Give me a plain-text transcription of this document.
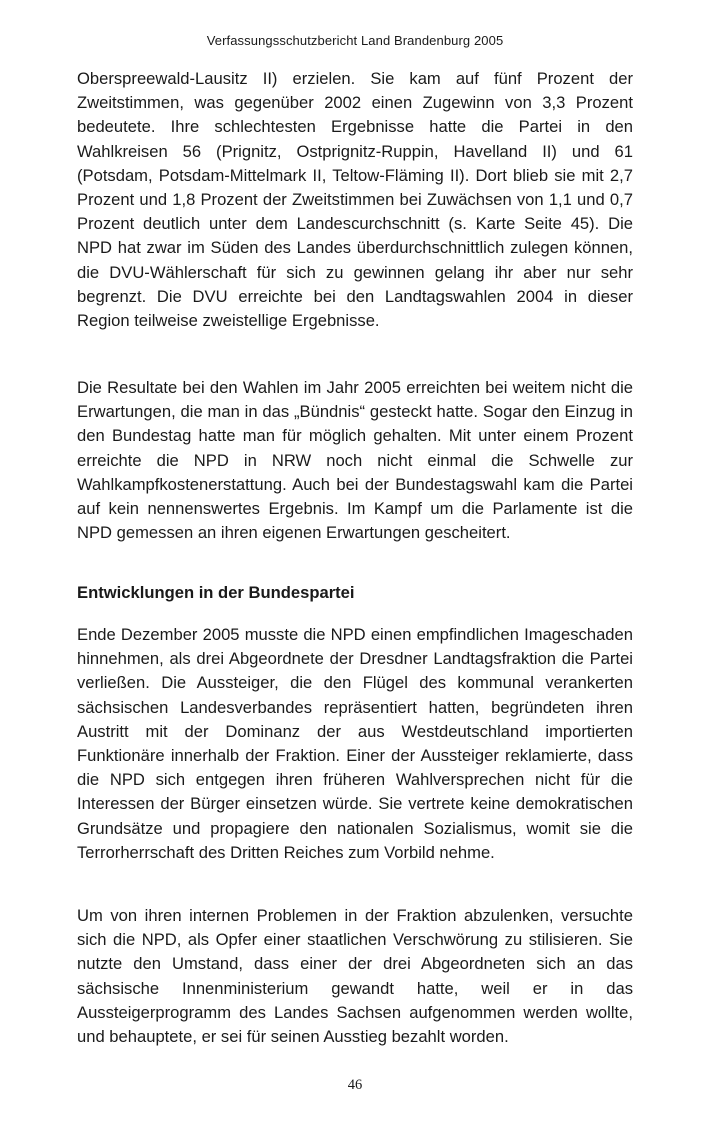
Verfassungsschutzbericht Land Brandenburg 2005

Oberspreewald-Lausitz II) erzielen. Sie kam auf fünf Prozent der Zweitstimmen, was gegenüber 2002 einen Zugewinn von 3,3 Prozent bedeutete. Ihre schlechtesten Ergebnisse hatte die Partei in den Wahlkreisen 56 (Prignitz, Ostprignitz-Ruppin, Havelland II) und 61 (Potsdam, Potsdam-Mittelmark II, Teltow-Fläming II). Dort blieb sie mit 2,7 Prozent und 1,8 Prozent der Zweitstimmen bei Zuwächsen von 1,1 und 0,7 Prozent deutlich unter dem Landescurchschnitt (s. Karte Seite 45). Die NPD hat zwar im Süden des Landes überdurchschnittlich zulegen können, die DVU-Wählerschaft für sich zu gewinnen gelang ihr aber nur sehr begrenzt. Die DVU erreichte bei den Landtagswahlen 2004 in dieser Region teilweise zweistellige Ergebnisse.

Die Resultate bei den Wahlen im Jahr 2005 erreichten bei weitem nicht die Erwartungen, die man in das „Bündnis“ gesteckt hatte. Sogar den Einzug in den Bundestag hatte man für möglich gehalten. Mit unter einem Prozent erreichte die NPD in NRW noch nicht einmal die Schwelle zur Wahlkampfkostenerstattung. Auch bei der Bundestagswahl kam die Partei auf kein nennenswertes Ergebnis. Im Kampf um die Parlamente ist die NPD gemessen an ihren eigenen Erwartungen gescheitert.

Entwicklungen in der Bundespartei

Ende Dezember 2005 musste die NPD einen empfindlichen Imageschaden hinnehmen, als drei Abgeordnete der Dresdner Landtagsfraktion die Partei verließen. Die Aussteiger, die den Flügel des kommunal verankerten sächsischen Landesverbandes repräsentiert hatten, begründeten ihren Austritt mit der Dominanz der aus Westdeutschland importierten Funktionäre innerhalb der Fraktion. Einer der Aussteiger reklamierte, dass die NPD sich entgegen ihren früheren Wahlversprechen nicht für die Interessen der Bürger einsetzen würde. Sie vertrete keine demokratischen Grundsätze und propagiere den nationalen Sozialismus, womit sie die Terrorherrschaft des Dritten Reiches zum Vorbild nehme.

Um von ihren internen Problemen in der Fraktion abzulenken, versuchte sich die NPD, als Opfer einer staatlichen Verschwörung zu stilisieren. Sie nutzte den Umstand, dass einer der drei Abgeordneten sich an das sächsische Innenministerium gewandt hatte, weil er in das Aussteigerprogramm des Landes Sachsen aufgenommen werden wollte, und behauptete, er sei für seinen Ausstieg bezahlt worden.

46
